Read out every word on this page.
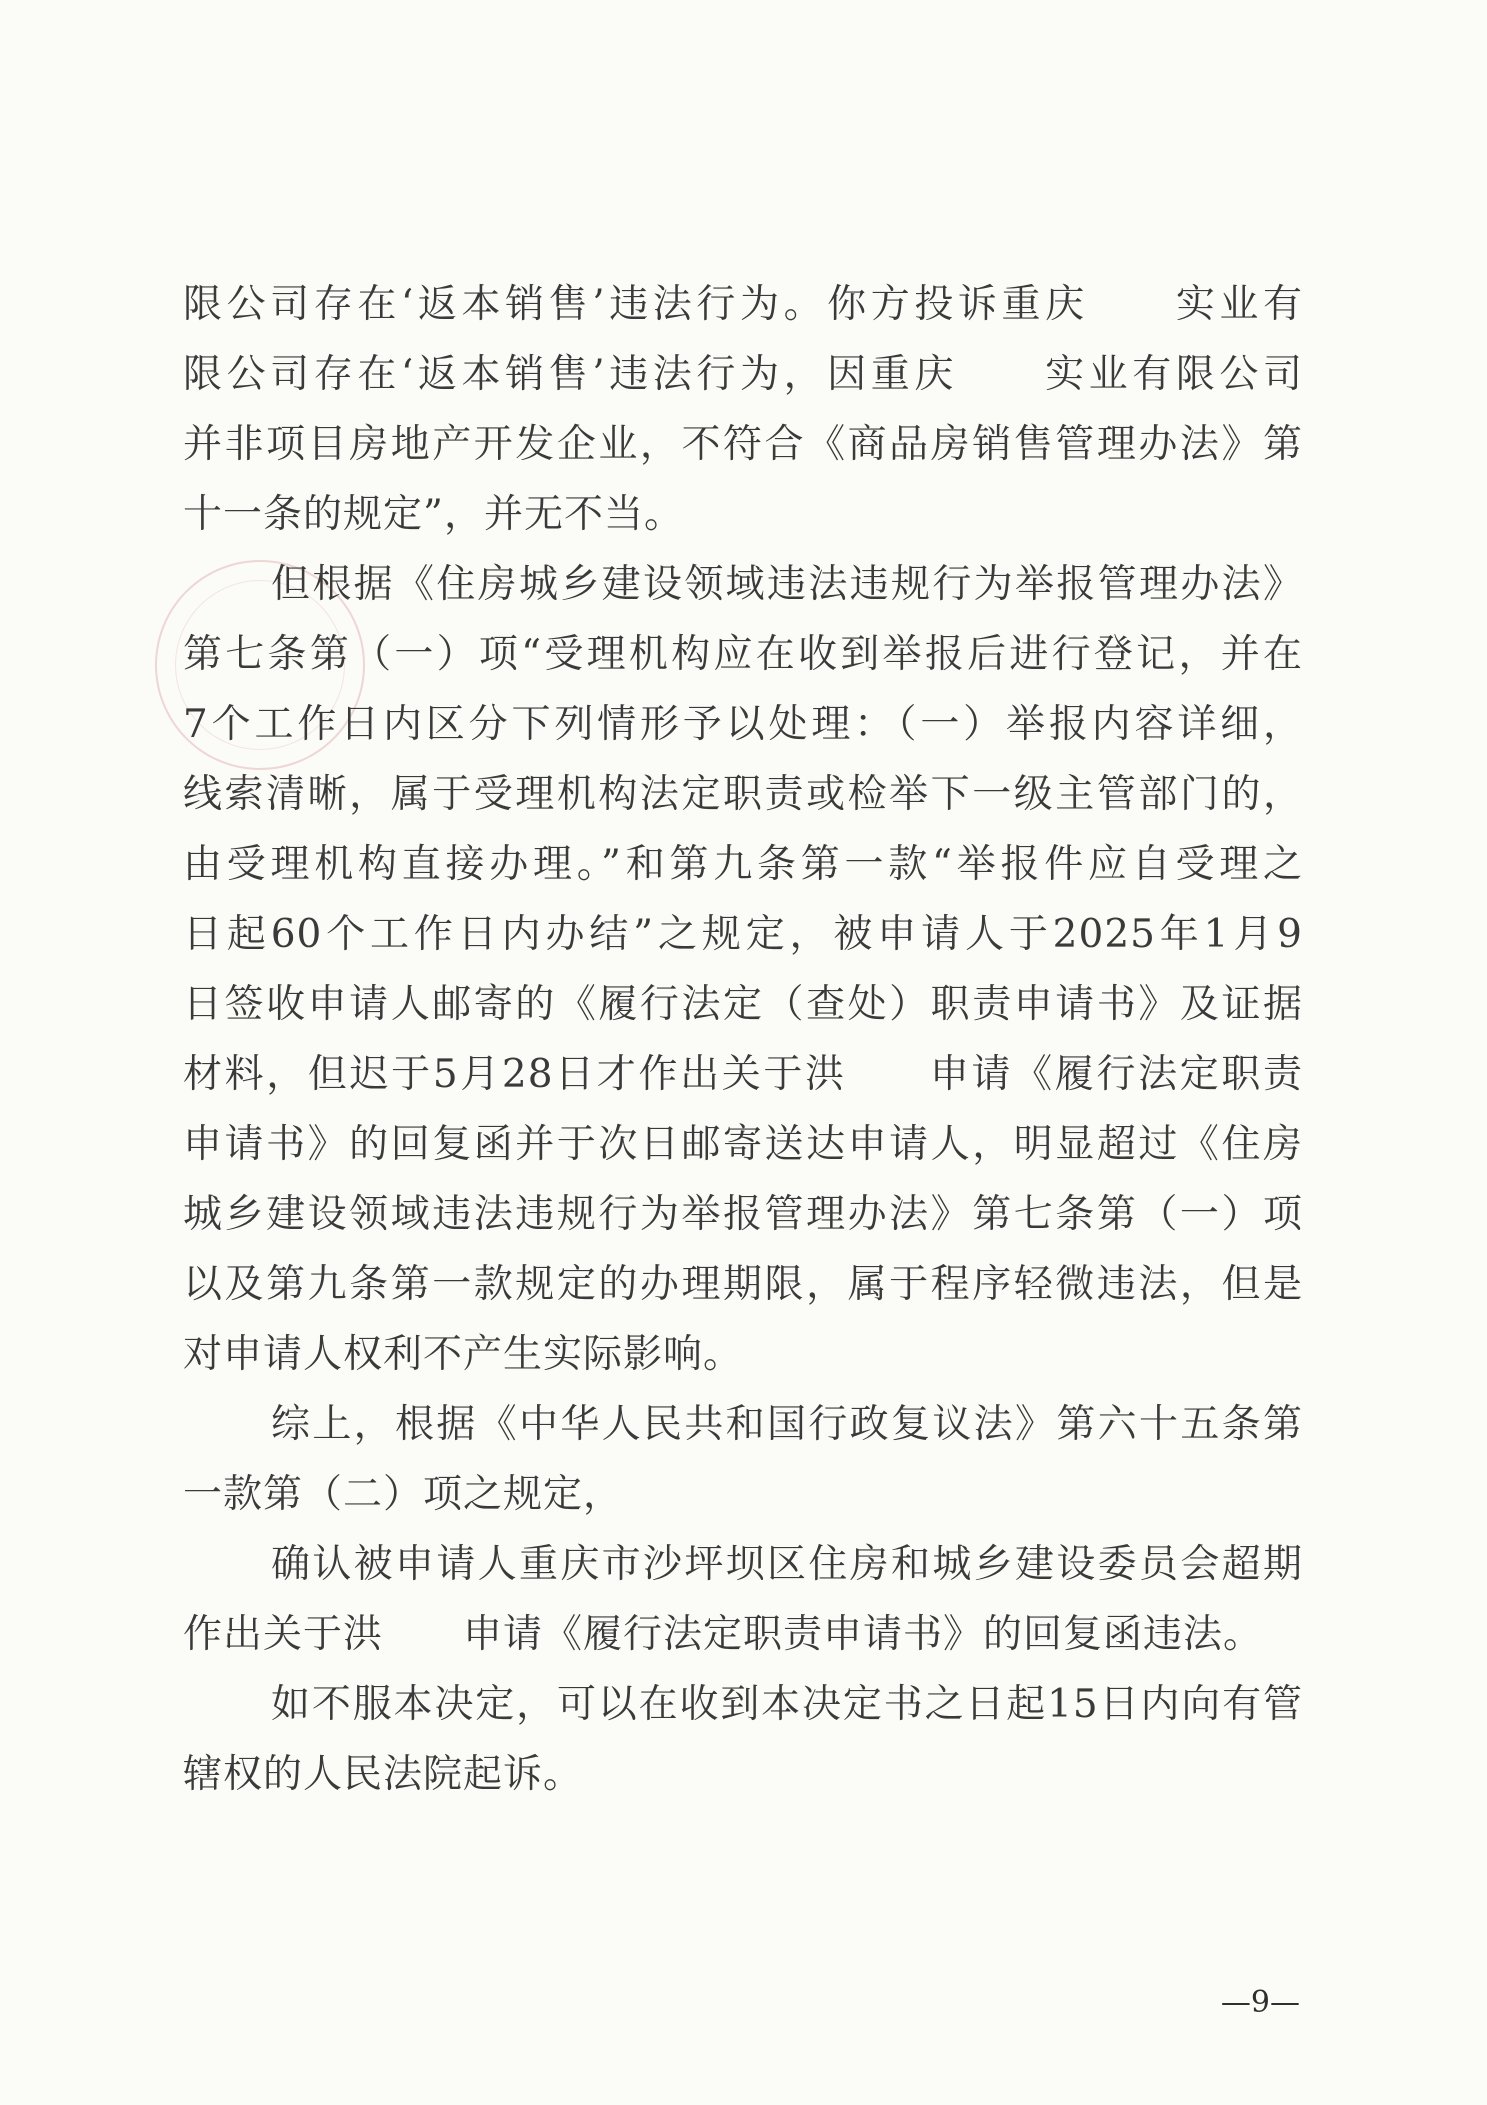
限公司存在‘返本销售’违法行为。你方投诉重庆　　实业有
限公司存在‘返本销售’违法行为，因重庆　　实业有限公司
并非项目房地产开发企业，不符合《商品房销售管理办法》第
十一条的规定”，并无不当。
但根据《住房城乡建设领域违法违规行为举报管理办法》
第七条第（一）项“受理机构应在收到举报后进行登记，并在
7个工作日内区分下列情形予以处理：（一）举报内容详细，
线索清晰，属于受理机构法定职责或检举下一级主管部门的，
由受理机构直接办理。”和第九条第一款“举报件应自受理之
日起60个工作日内办结”之规定，被申请人于2025年1月9
日签收申请人邮寄的《履行法定（查处）职责申请书》及证据
材料，但迟于5月28日才作出关于洪　　申请《履行法定职责
申请书》的回复函并于次日邮寄送达申请人，明显超过《住房
城乡建设领域违法违规行为举报管理办法》第七条第（一）项
以及第九条第一款规定的办理期限，属于程序轻微违法，但是
对申请人权利不产生实际影响。
综上，根据《中华人民共和国行政复议法》第六十五条第
一款第（二）项之规定，
确认被申请人重庆市沙坪坝区住房和城乡建设委员会超期
作出关于洪　　申请《履行法定职责申请书》的回复函违法。
如不服本决定，可以在收到本决定书之日起15日内向有管
辖权的人民法院起诉。
—9—
